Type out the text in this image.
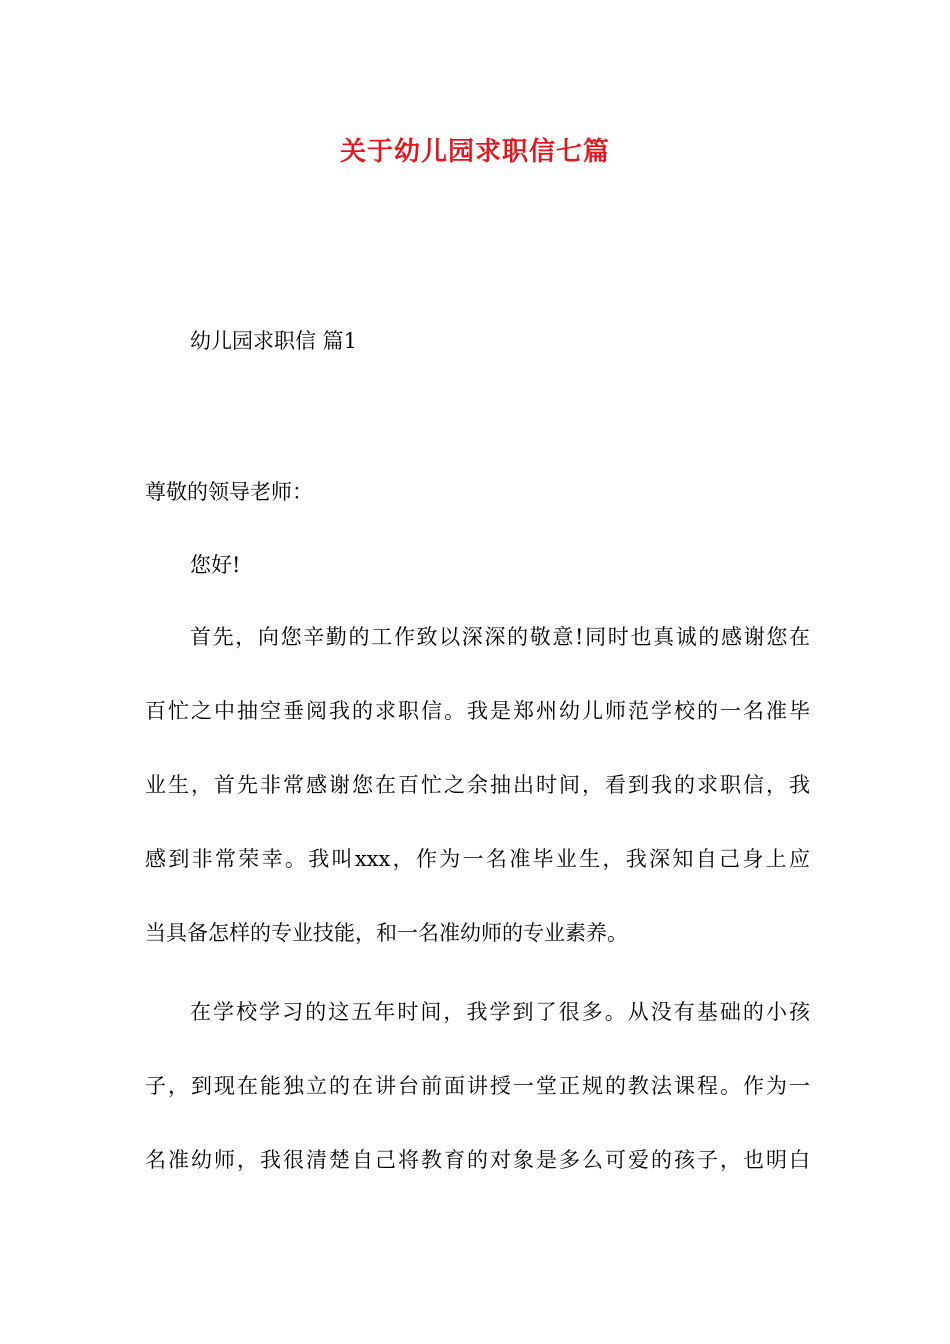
关于幼儿园求职信七篇
幼儿园求职信 篇1
尊敬的领导老师：
您好!
首先，向您辛勤的工作致以深深的敬意!同时也真诚的感谢您在
百忙之中抽空垂阅我的求职信。我是郑州幼儿师范学校的一名准毕
业生，首先非常感谢您在百忙之余抽出时间，看到我的求职信，我
感到非常荣幸。我叫xxx，作为一名准毕业生，我深知自己身上应
当具备怎样的专业技能，和一名准幼师的专业素养。
在学校学习的这五年时间，我学到了很多。从没有基础的小孩
子，到现在能独立的在讲台前面讲授一堂正规的教法课程。作为一
名准幼师，我很清楚自己将教育的对象是多么可爱的孩子，也明白
